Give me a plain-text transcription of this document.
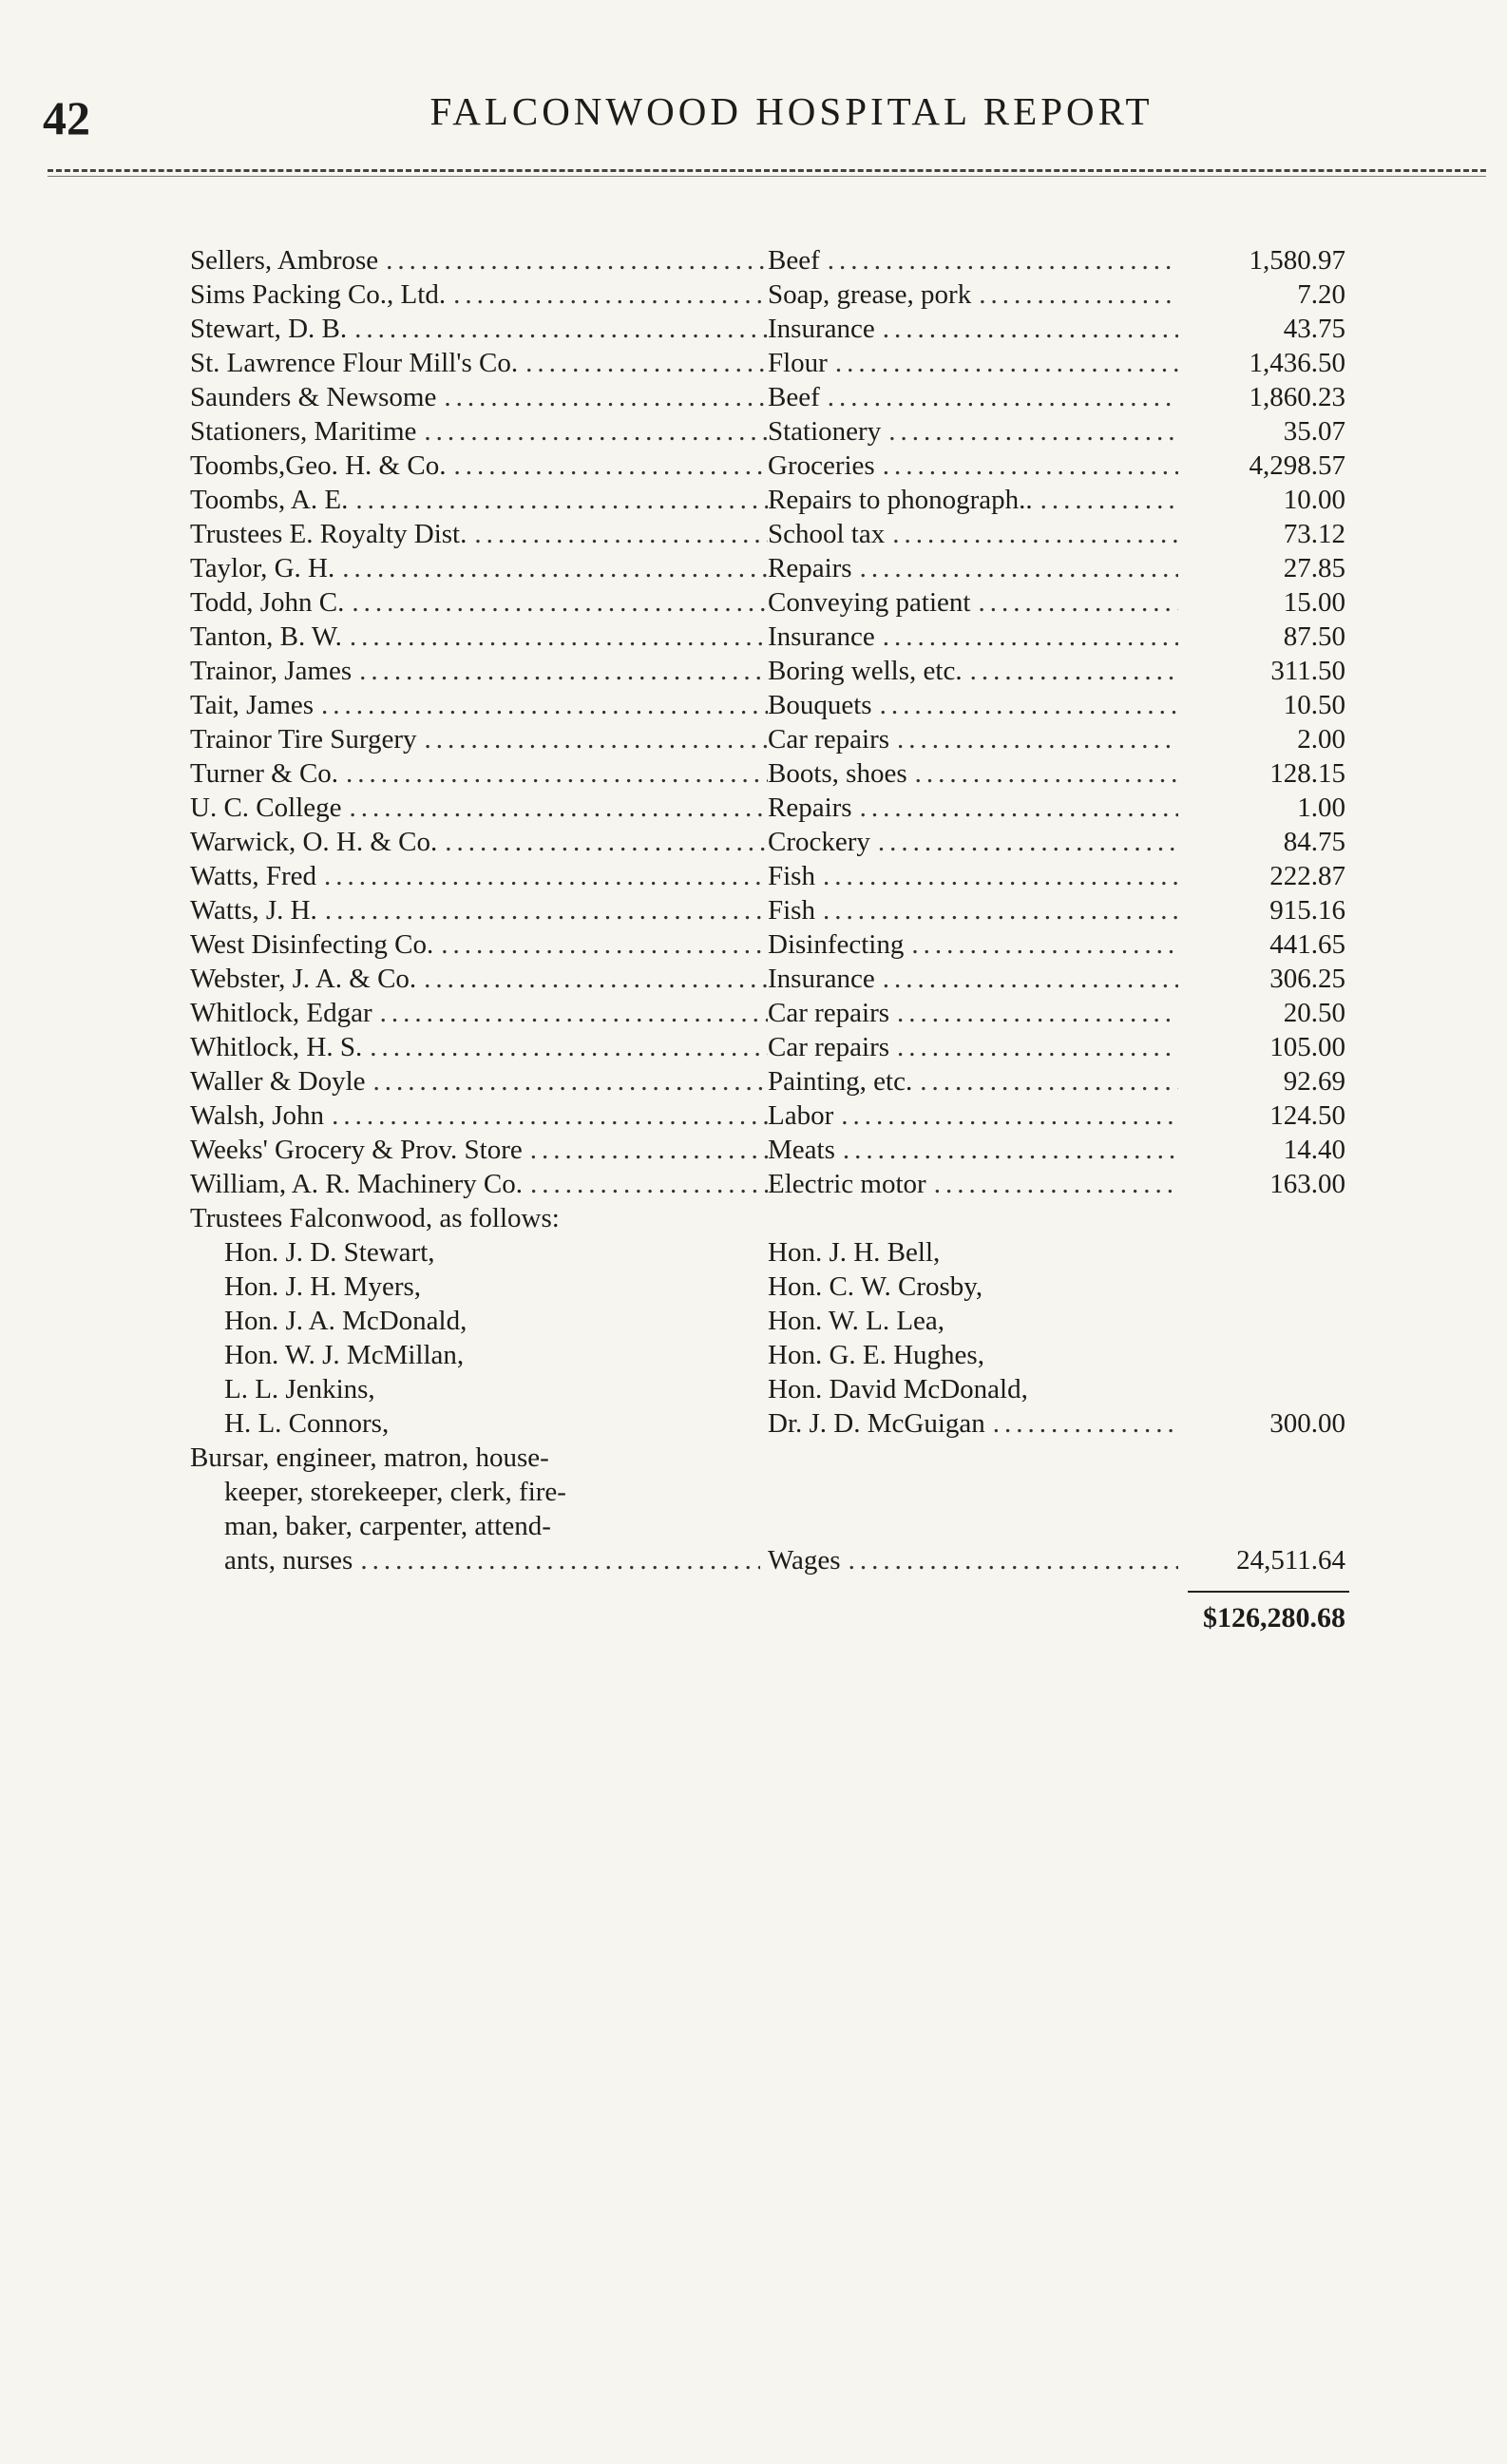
42	FALCONWOOD HOSPITAL REPORT
Sellers, Ambrose .....	Beef .....	1,580.97
Sims Packing Co., Ltd. .....	Soap, grease, pork .....	7.20
Stewart, D. B. .....	Insurance .....	43.75
St. Lawrence Flour Mill's Co. .....	Flour .....	1,436.50
Saunders & Newsome .....	Beef .....	1,860.23
Stationers, Maritime .....	Stationery .....	35.07
Toombs,Geo. H. & Co. .....	Groceries .....	4,298.57
Toombs, A. E. .....	Repairs to phonograph.. .....	10.00
Trustees E. Royalty Dist. .....	School tax .....	73.12
Taylor, G. H. .....	Repairs .....	27.85
Todd, John C. .....	Conveying patient .....	15.00
Tanton, B. W. .....	Insurance .....	87.50
Trainor, James .....	Boring wells, etc. .....	311.50
Tait, James .....	Bouquets .....	10.50
Trainor Tire Surgery .....	Car repairs .....	2.00
Turner & Co. .....	Boots, shoes .....	128.15
U. C. College .....	Repairs .....	1.00
Warwick, O. H. & Co. .....	Crockery .....	84.75
Watts, Fred .....	Fish .....	222.87
Watts, J. H. .....	Fish .....	915.16
West Disinfecting Co. .....	Disinfecting .....	441.65
Webster, J. A. & Co. .....	Insurance .....	306.25
Whitlock, Edgar .....	Car repairs .....	20.50
Whitlock, H. S. .....	Car repairs .....	105.00
Waller & Doyle .....	Painting, etc. .....	92.69
Walsh, John .....	Labor .....	124.50
Weeks' Grocery & Prov. Store .....	Meats .....	14.40
William, A. R. Machinery Co. .....	Electric motor .....	163.00
Trustees Falconwood, as follows:
Hon. J. D. Stewart,	Hon. J. H. Bell,
Hon. J. H. Myers,	Hon. C. W. Crosby,
Hon. J. A. McDonald,	Hon. W. L. Lea,
Hon. W. J. McMillan,	Hon. G. E. Hughes,
L. L. Jenkins,	Hon. David McDonald,
H. L. Connors,	Dr. J. D. McGuigan .....	300.00
Bursar, engineer, matron, house-
keeper, storekeeper, clerk, fire-
man, baker, carpenter, attend-
ants, nurses .....	Wages .....	24,511.64
$126,280.68
